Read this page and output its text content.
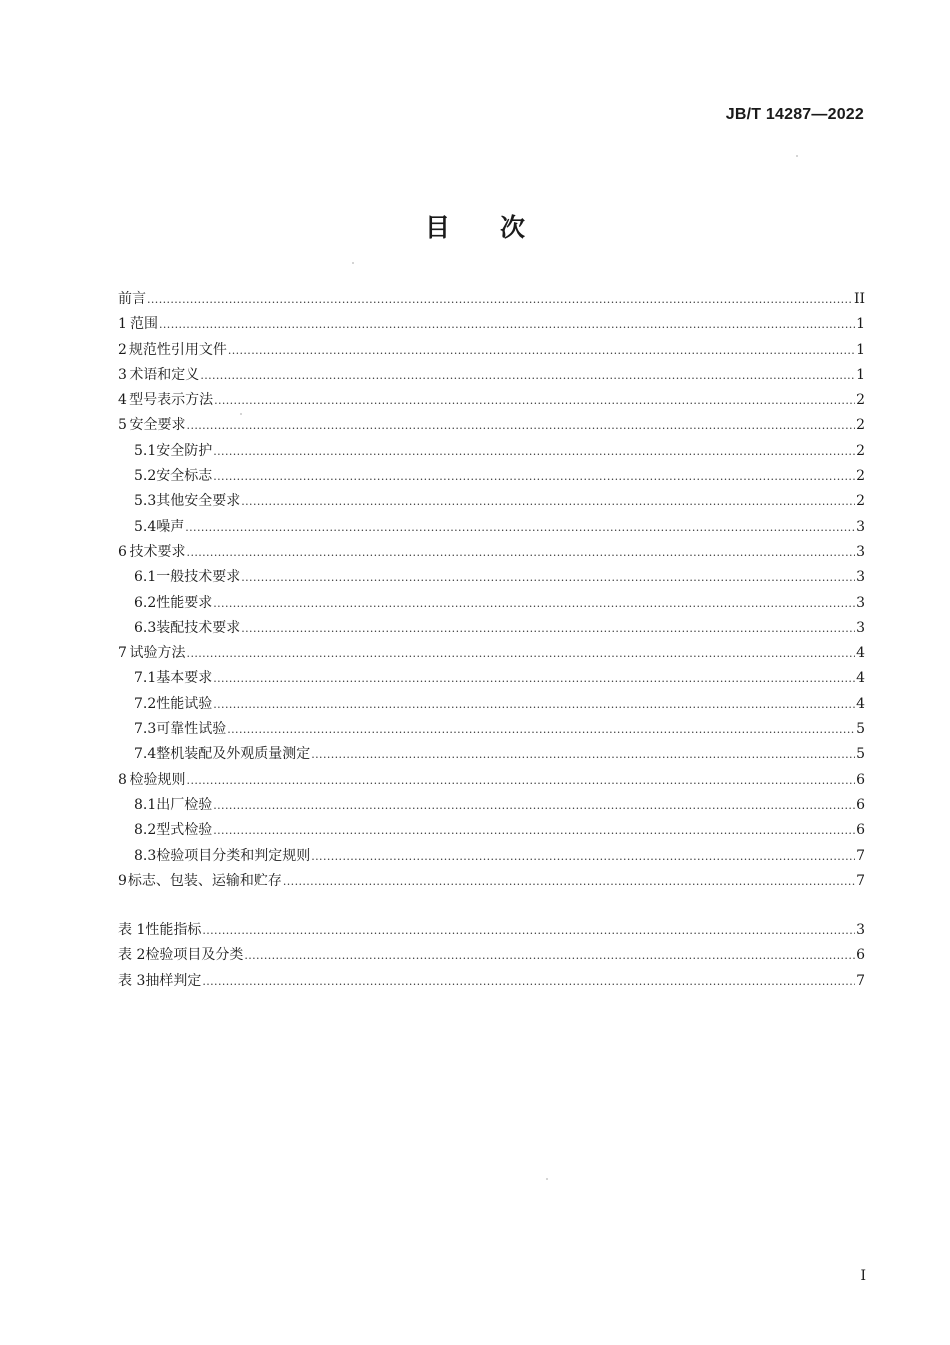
JB/T 14287—2022
目 次
前言 .....	II
1 范围 .....	1
2 规范性引用文件 .....	1
3 术语和定义 .....	1
4 型号表示方法 .....	2
5 安全要求 .....	2
5.1 安全防护 .....	2
5.2 安全标志 .....	2
5.3 其他安全要求 .....	2
5.4 噪声 .....	3
6 技术要求 .....	3
6.1 一般技术要求 .....	3
6.2 性能要求 .....	3
6.3 装配技术要求 .....	3
7 试验方法 .....	4
7.1 基本要求 .....	4
7.2 性能试验 .....	4
7.3 可靠性试验 .....	5
7.4 整机装配及外观质量测定 .....	5
8 检验规则 .....	6
8.1 出厂检验 .....	6
8.2 型式检验 .....	6
8.3 检验项目分类和判定规则 .....	7
9 标志、包装、运输和贮存 .....	7
表 1 性能指标 .....	3
表 2 检验项目及分类 .....	6
表 3 抽样判定 .....	7
I
